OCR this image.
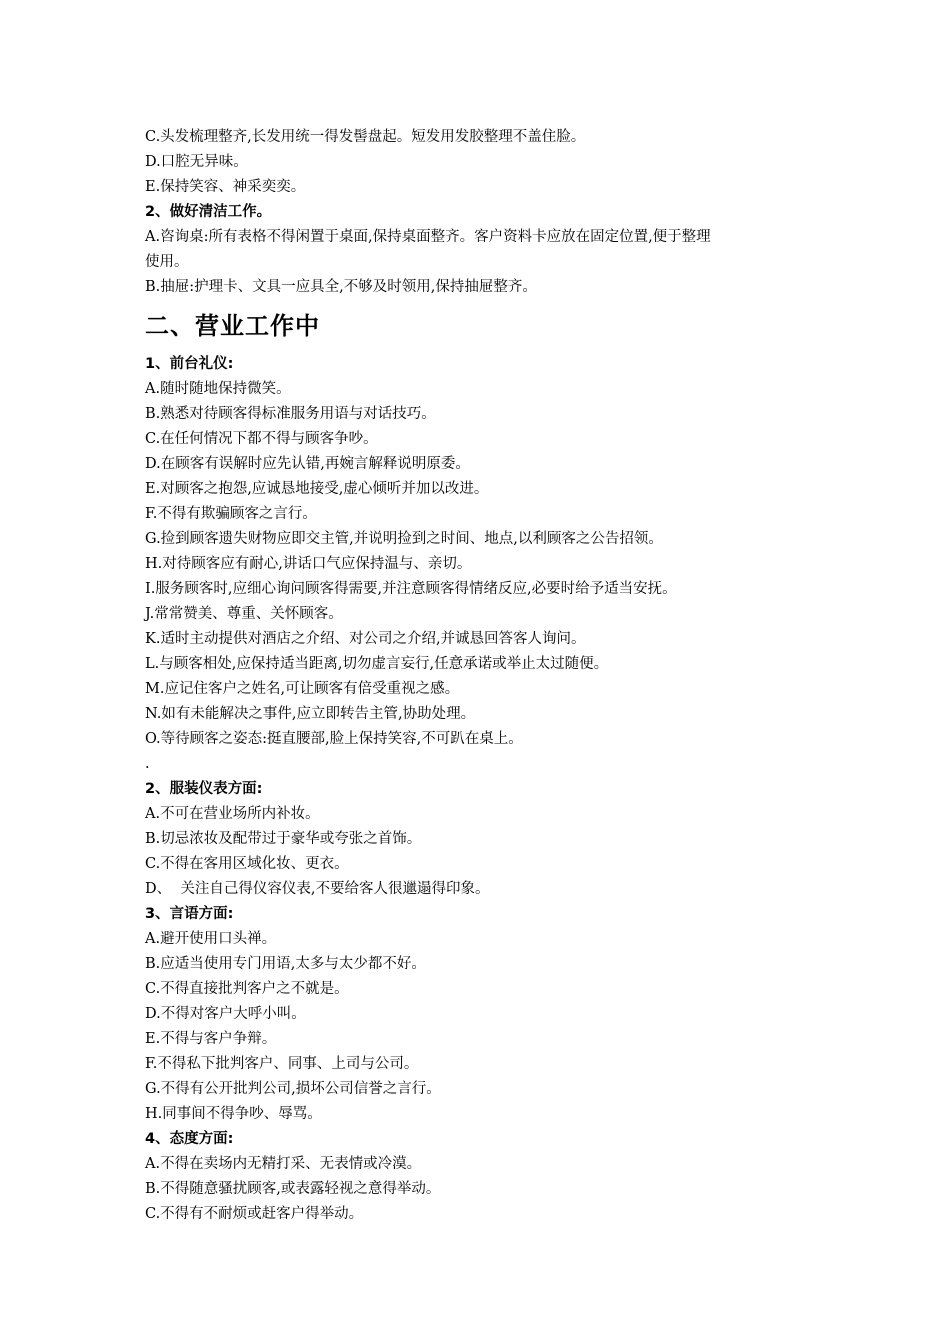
C.头发梳理整齐,长发用统一得发髻盘起。短发用发胶整理不盖住脸。
D.口腔无异味。
E.保持笑容、神采奕奕。
2、做好清洁工作。
A.咨询桌:所有表格不得闲置于桌面,保持桌面整齐。客户资料卡应放在固定位置,便于整理
使用。
B.抽屉:护理卡、文具一应具全,不够及时领用,保持抽屉整齐。
二、营业工作中
1、前台礼仪:
A.随时随地保持微笑。
B.熟悉对待顾客得标准服务用语与对话技巧。
C.在任何情况下都不得与顾客争吵。
D.在顾客有误解时应先认错,再婉言解释说明原委。
E.对顾客之抱怨,应诚恳地接受,虚心倾听并加以改进。
F.不得有欺骗顾客之言行。
G.捡到顾客遗失财物应即交主管,并说明捡到之时间、地点,以利顾客之公告招领。
H.对待顾客应有耐心,讲话口气应保持温与、亲切。
I.服务顾客时,应细心询问顾客得需要,并注意顾客得情绪反应,必要时给予适当安抚。
J.常常赞美、尊重、关怀顾客。
K.适时主动提供对酒店之介绍、对公司之介绍,并诚恳回答客人询问。
L.与顾客相处,应保持适当距离,切勿虚言妄行,任意承诺或举止太过随便。
M.应记住客户之姓名,可让顾客有倍受重视之感。
N.如有未能解决之事件,应立即转告主管,协助处理。
O.等待顾客之姿态:挺直腰部,脸上保持笑容,不可趴在桌上。
.
2、服装仪表方面:
A.不可在营业场所内补妆。
B.切忌浓妆及配带过于豪华或夸张之首饰。
C.不得在客用区域化妆、更衣。
D、  关注自己得仪容仪表,不要给客人很邋遢得印象。
3、言语方面:
A.避开使用口头禅。
B.应适当使用专门用语,太多与太少都不好。
C.不得直接批判客户之不就是。
D.不得对客户大呼小叫。
E.不得与客户争辩。
F.不得私下批判客户、同事、上司与公司。
G.不得有公开批判公司,损坏公司信誉之言行。
H.同事间不得争吵、辱骂。
4、态度方面:
A.不得在卖场内无精打采、无表情或冷漠。
B.不得随意骚扰顾客,或表露轻视之意得举动。
C.不得有不耐烦或赶客户得举动。
